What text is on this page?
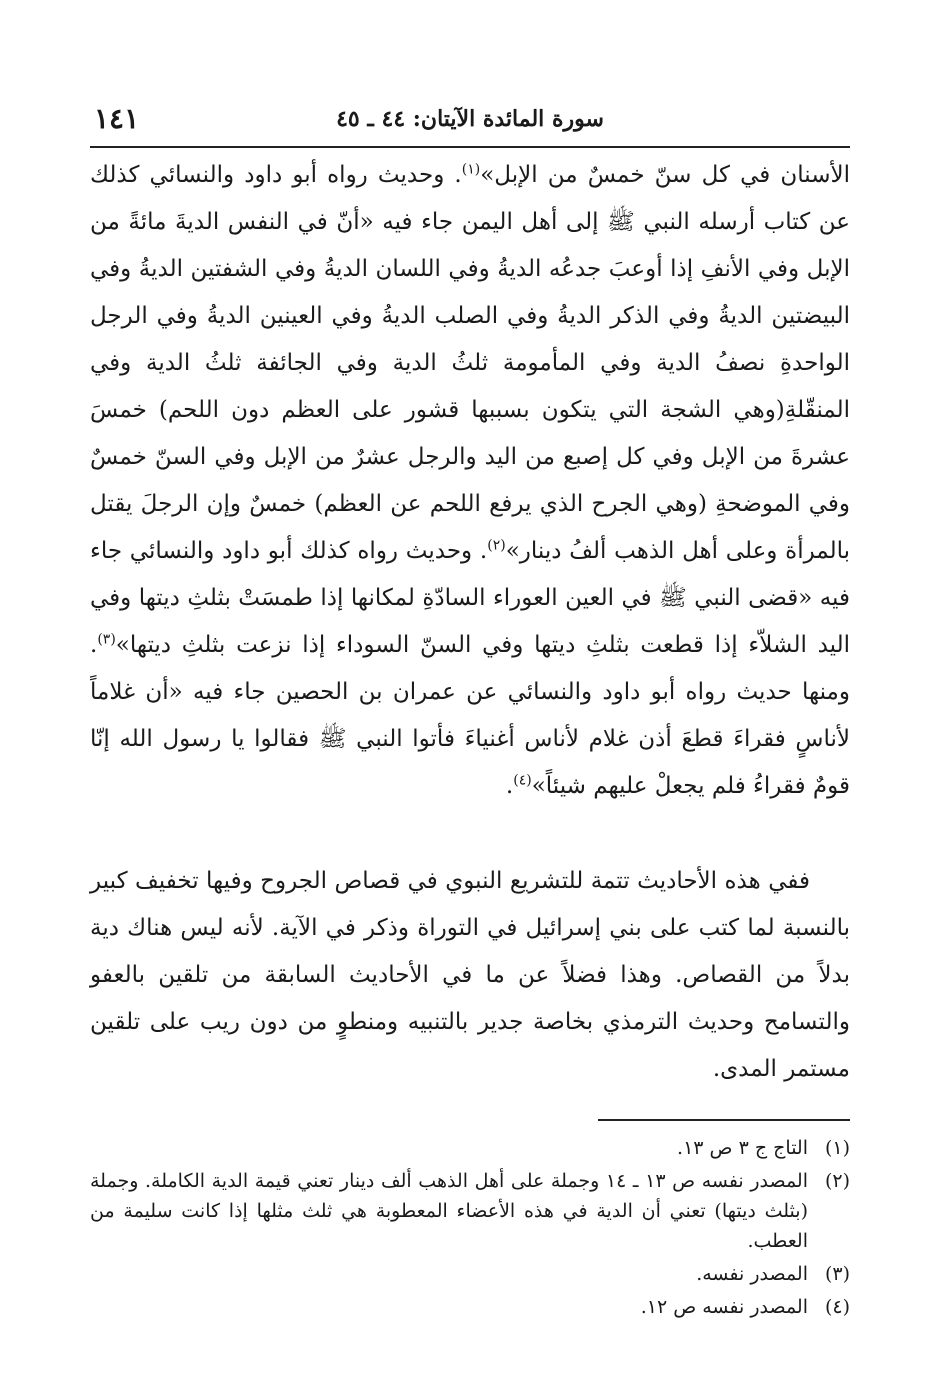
سورة المائدة الآيتان: ٤٤ ـ ٤٥
١٤١

الأسنان في كل سنّ خمسٌ من الإبل»$^{(١)}$. وحديث رواه أبو داود والنسائي كذلك عن كتاب أرسله النبي ﷺ إلى أهل اليمن جاء فيه «أنّ في النفس الديةَ مائةً من الإبل وفي الأنفِ إذا أوعبَ جدعُه الديةُ وفي اللسان الديةُ وفي الشفتين الديةُ وفي البيضتين الديةُ وفي الذكر الديةُ وفي الصلب الديةُ وفي العينين الديةُ وفي الرجل الواحدةِ نصفُ الدية وفي المأمومة ثلثُ الدية وفي الجائفة ثلثُ الدية وفي المنقّلةِ(وهي الشجة التي يتكون بسببها قشور على العظم دون اللحم) خمسَ عشرةَ من الإبل وفي كل إصبع من اليد والرجل عشرٌ من الإبل وفي السنّ خمسٌ وفي الموضحةِ (وهي الجرح الذي يرفع اللحم عن العظم) خمسٌ وإن الرجلَ يقتل بالمرأة وعلى أهل الذهب ألفُ دينار»$^{(٢)}$. وحديث رواه كذلك أبو داود والنسائي جاء فيه «قضى النبي ﷺ في العين العوراء السادّةِ لمكانها إذا طمسَتْ بثلثِ ديتها وفي اليد الشلاّء إذا قطعت بثلثِ ديتها وفي السنّ السوداء إذا نزعت بثلثِ ديتها»$^{(٣)}$. ومنها حديث رواه أبو داود والنسائي عن عمران بن الحصين جاء فيه «أن غلاماً لأناسٍ فقراءَ قطعَ أذن غلام لأناس أغنياءَ فأتوا النبي ﷺ فقالوا يا رسول الله إنّا قومٌ فقراءُ فلم يجعلْ عليهم شيئاً»$^{(٤)}$.

ففي هذه الأحاديث تتمة للتشريع النبوي في قصاص الجروح وفيها تخفيف كبير بالنسبة لما كتب على بني إسرائيل في التوراة وذكر في الآية. لأنه ليس هناك دية بدلاً من القصاص. وهذا فضلاً عن ما في الأحاديث السابقة من تلقين بالعفو والتسامح وحديث الترمذي بخاصة جدير بالتنبيه ومنطوٍ من دون ريب على تلقين مستمر المدى.

(١)
التاج ج ٣ ص ١٣.
(٢)
المصدر نفسه ص ١٣ ـ ١٤ وجملة على أهل الذهب ألف دينار تعني قيمة الدية الكاملة. وجملة (بثلث ديتها) تعني أن الدية في هذه الأعضاء المعطوبة هي ثلث مثلها إذا كانت سليمة من العطب.
(٣)
المصدر نفسه.
(٤)
المصدر نفسه ص ١٢.
